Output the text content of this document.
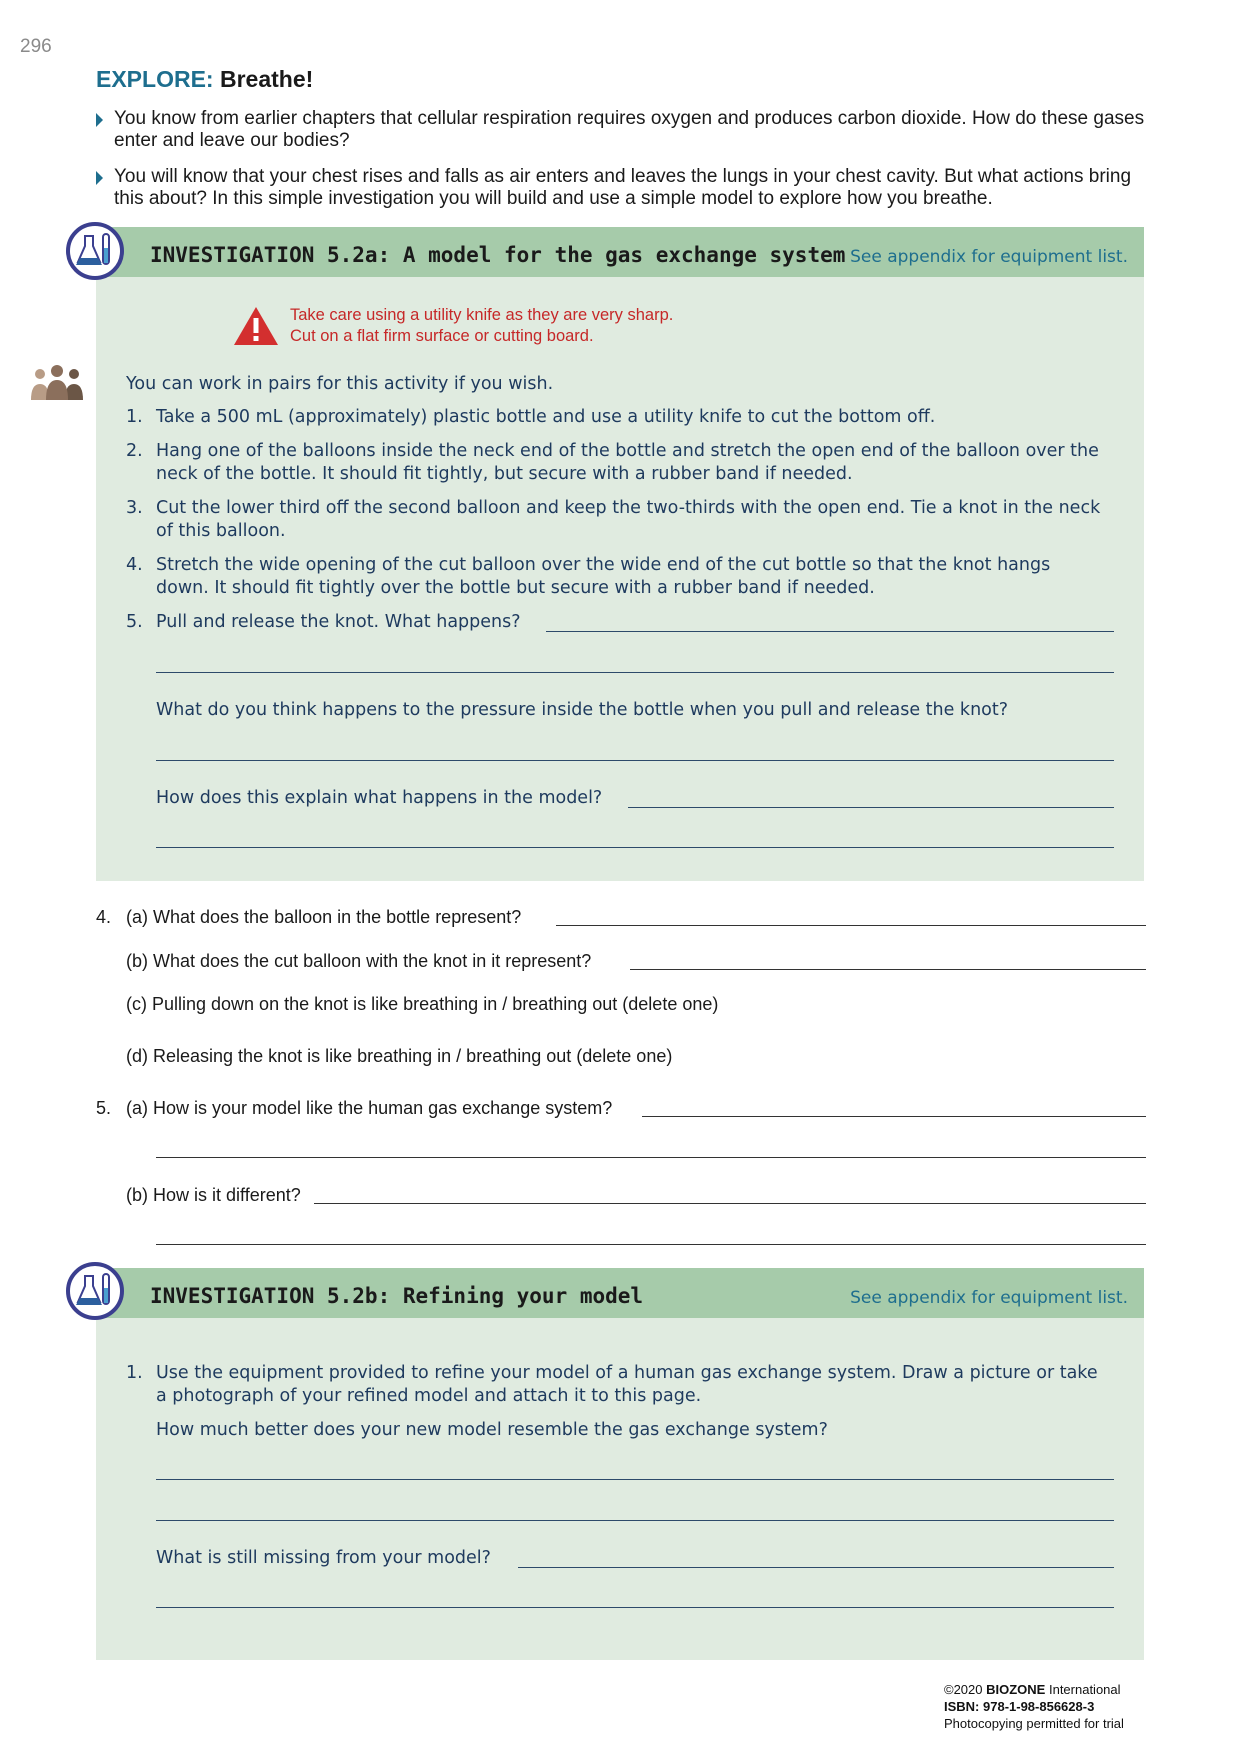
296
EXPLORE: Breathe!
You know from earlier chapters that cellular respiration requires oxygen and produces carbon dioxide. How do these gases enter and leave our bodies?
You will know that your chest rises and falls as air enters and leaves the lungs in your chest cavity. But what actions bring this about? In this simple investigation you will build and use a simple model to explore how you breathe.
INVESTIGATION 5.2a: A model for the gas exchange system See appendix for equipment list.
Take care using a utility knife as they are very sharp.
Cut on a flat firm surface or cutting board.
You can work in pairs for this activity if you wish.
1. Take a 500 mL (approximately) plastic bottle and use a utility knife to cut the bottom off.
2. Hang one of the balloons inside the neck end of the bottle and stretch the open end of the balloon over the neck of the bottle. It should fit tightly, but secure with a rubber band if needed.
3. Cut the lower third off the second balloon and keep the two-thirds with the open end. Tie a knot in the neck of this balloon.
4. Stretch the wide opening of the cut balloon over the wide end of the cut bottle so that the knot hangs down. It should fit tightly over the bottle but secure with a rubber band if needed.
5. Pull and release the knot. What happens?
What do you think happens to the pressure inside the bottle when you pull and release the knot?
How does this explain what happens in the model?
4. (a) What does the balloon in the bottle represent?
(b) What does the cut balloon with the knot in it represent?
(c) Pulling down on the knot is like breathing in / breathing out (delete one)
(d) Releasing the knot is like breathing in / breathing out (delete one)
5. (a) How is your model like the human gas exchange system?
(b) How is it different?
INVESTIGATION 5.2b: Refining your model	See appendix for equipment list.
1. Use the equipment provided to refine your model of a human gas exchange system. Draw a picture or take a photograph of your refined model and attach it to this page.
How much better does your new model resemble the gas exchange system?
What is still missing from your model?
©2020 BIOZONE International
ISBN: 978-1-98-856628-3
Photocopying permitted for trial
